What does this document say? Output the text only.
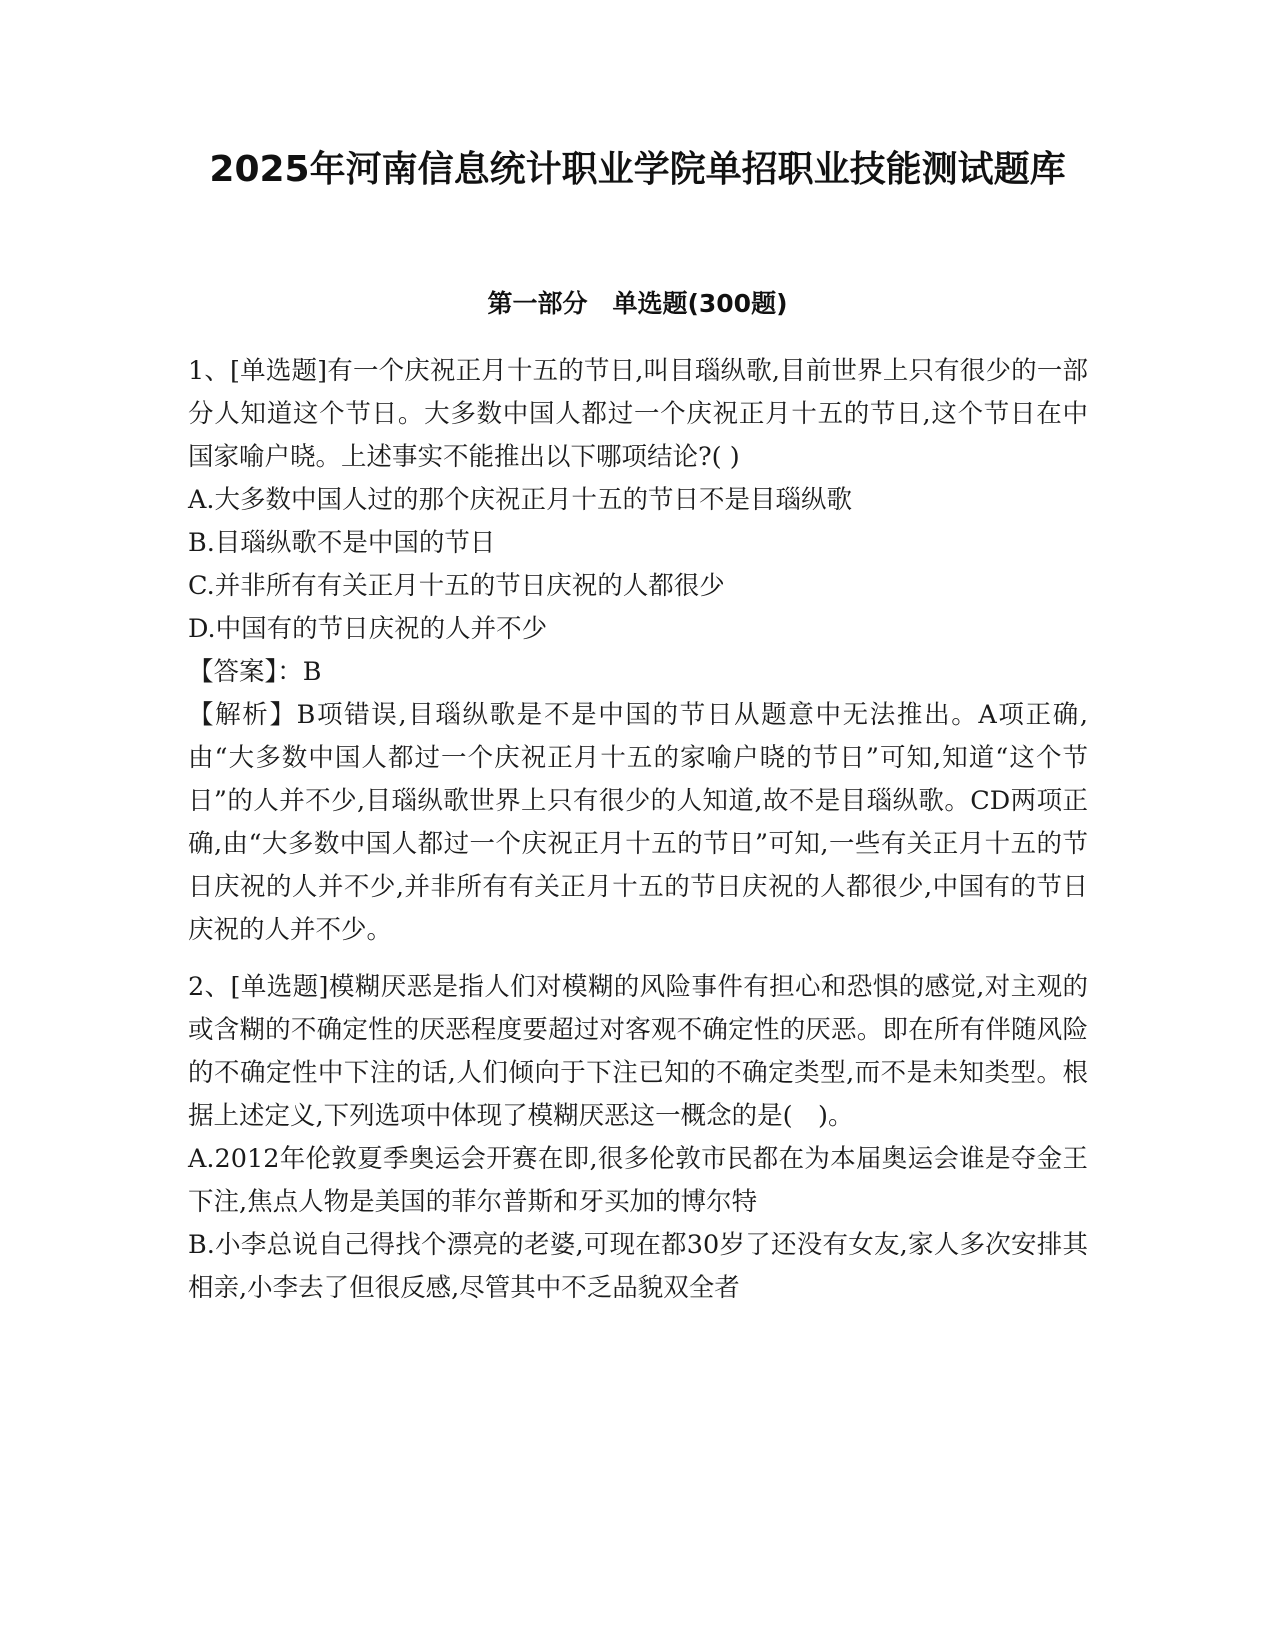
2025年河南信息统计职业学院单招职业技能测试题库
第一部分　单选题(300题)

1、[单选题]有一个庆祝正月十五的节日,叫目瑙纵歌,目前世界上只有很少的一部分人知道这个节日。大多数中国人都过一个庆祝正月十五的节日,这个节日在中国家喻户晓。上述事实不能推出以下哪项结论?( )

A.大多数中国人过的那个庆祝正月十五的节日不是目瑙纵歌

B.目瑙纵歌不是中国的节日

C.并非所有有关正月十五的节日庆祝的人都很少

D.中国有的节日庆祝的人并不少

【答案】：B

【解析】B项错误,目瑙纵歌是不是中国的节日从题意中无法推出。A项正确,由“大多数中国人都过一个庆祝正月十五的家喻户晓的节日”可知,知道“这个节日”的人并不少,目瑙纵歌世界上只有很少的人知道,故不是目瑙纵歌。CD两项正确,由“大多数中国人都过一个庆祝正月十五的节日”可知,一些有关正月十五的节日庆祝的人并不少,并非所有有关正月十五的节日庆祝的人都很少,中国有的节日庆祝的人并不少。

2、[单选题]模糊厌恶是指人们对模糊的风险事件有担心和恐惧的感觉,对主观的或含糊的不确定性的厌恶程度要超过对客观不确定性的厌恶。即在所有伴随风险的不确定性中下注的话,人们倾向于下注已知的不确定类型,而不是未知类型。根据上述定义,下列选项中体现了模糊厌恶这一概念的是(　)。

A.2012年伦敦夏季奥运会开赛在即,很多伦敦市民都在为本届奥运会谁是夺金王下注,焦点人物是美国的菲尔普斯和牙买加的博尔特

B.小李总说自己得找个漂亮的老婆,可现在都30岁了还没有女友,家人多次安排其相亲,小李去了但很反感,尽管其中不乏品貌双全者
